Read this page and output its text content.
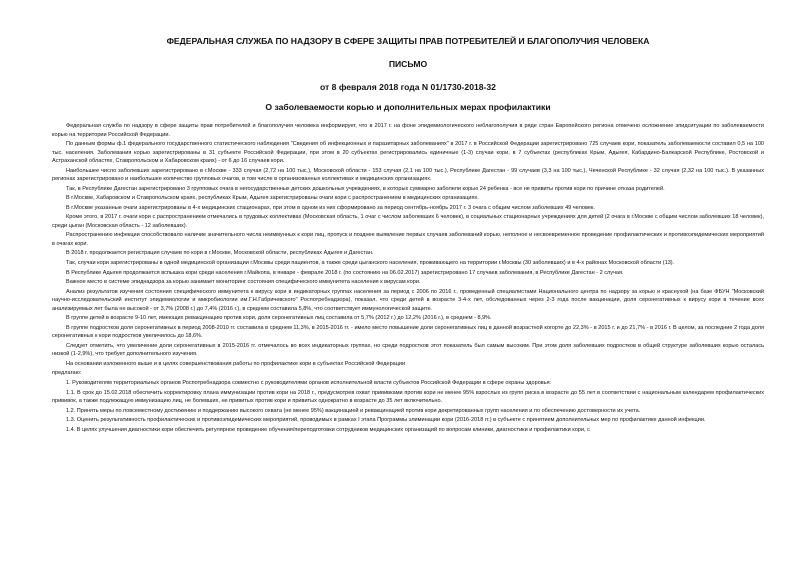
ФЕДЕРАЛЬНАЯ СЛУЖБА ПО НАДЗОРУ В СФЕРЕ ЗАЩИТЫ ПРАВ ПОТРЕБИТЕЛЕЙ И БЛАГОПОЛУЧИЯ ЧЕЛОВЕКА
ПИСЬМО
от 8 февраля 2018 года N 01/1730-2018-32
О заболеваемости корью и дополнительных мерах профилактики

Федеральная служба по надзору в сфере защиты прав потребителей и благополучия человека информирует, что в 2017 г. на фоне эпидемиологического неблагополучия в ряде стран Европейского региона отмечено осложнение эпидситуации по заболеваемости корью на территории Российской Федерации.

По данным формы ф.1 федерального государственного статистического наблюдения "Сведения об инфекционных и паразитарных заболеваниях" в 2017 г. в Российской Федерации зарегистрировано 725 случаев кори, показатель заболеваемости составил 0,5 на 100 тыс. населения. Заболевания корью зарегистрированы в 31 субъекте Российской Федерации, при этом в 20 субъектах регистрировались единичные (1-3) случаи кори, в 7 субъектах (республиках Крым, Адыгея, Кабардино-Балкарской Республике, Ростовской и Астраханской областях, Ставропольском и Хабаровском краях) - от 6 до 16 случаев кори.

Наибольшее число заболевших зарегистрировано в г.Москве - 333 случая (2,72 на 100 тыс.), Московской области - 153 случая (2,1 на 100 тыс.), Республике Дагестан - 99 случаев (3,3 на 100 тыс.), Чеченской Республике - 32 случая (2,32 на 100 тыс.). В указанных регионах зарегистрировано и наибольшее количество групповых очагов, в том числе в организованных коллективах и медицинских организациях.

Так, в Республике Дагестан зарегистрировано 3 групповых очага в негосударственных детских дошкольных учреждениях, в которых суммарно заболели корью 24 ребенка - все не привиты против кори по причине отказа родителей.

В г.Москве, Хабаровском и Ставропольском краях, республиках Крым, Адыгея зарегистрированы очаги кори с распространением в медицинских организациях.

В г.Москве указанные очаги зарегистрированы в 4-х медицинских стационарах, при этом в одном из них сформировано за период сентябрь-ноябрь 2017 г. 3 очага с общим числом заболевших 49 человек.

Кроме этого, в 2017 г. очаги кори с распространением отмечались в трудовых коллективах (Московская область, 1 очаг с числом заболевших 6 человек), в социальных стационарных учреждениях для детей (2 очага в г.Москве с общим числом заболевших 18 человек), среди цыган (Московская область - 12 заболевших).

Распространению инфекции способствовало наличие значительного числа неиммунных к кори лиц, пропуск и позднее выявление первых случаев заболеваний корью, неполное и несвоевременное проведение профилактических и противоэпидемических мероприятий в очагах кори.

В 2018 г. продолжается регистрация случаев по кори в г.Москве, Московской области, республиках Адыгея и Дагестан.

Так, случаи кори зарегистрированы в одной медицинской организации г.Москвы среди пациентов, а также среди цыганского населения, проживающего на территории г.Москвы (30 заболевших) и в 4-х районах Московской области (13).

В Республике Адыгея продолжается вспышка кори среди населения г.Майкопа, в январе - феврале 2018 г. (по состоянию на 06.02.2017) зарегистрировано 17 случаев заболевания, в Республике Дагестан - 2 случая.

Важное место в системе эпиднадзора за корью занимает мониторинг состояния специфического иммунитета населения к вирусам кори.

Анализ результатов изучения состояния специфического иммунитета к вирусу кори в индикаторных группах населения за период с 2006 по 2016 г., проведенный специалистами Национального центра по надзору за корью и краснухой (на базе ФБУН "Московский научно-исследовательский институт эпидемиологии и микробиологии им.Г.Н.Габричевского" Роспотребнадзора), показал, что среди детей в возрасте 3-4-х лет, обследованных через 2-3 года после вакцинации, доля серонегативных к вирусу кори в течение всех анализируемых лет была не высокой - от 3,7% (2008 г.) до 7,4% (2016 г.), в среднем составила 5,8%, что соответствует иммунологической защите.

В группе детей в возрасте 9-10 лет, имеющих ревакцинацию против кори, доля серонегативных лиц составила от 5,7% (2012 г.) до 12,2% (2016 г.), в среднем - 8,9%.

В группе подростков доля серонегативных в период 2008-2010 гг. составила в среднем 11,3%, в 2015-2016 гг. - имело место повышение доли серонегативных лиц в данной возрастной когорте до 22,3% - в 2015 г. и до 21,7% - в 2016 г. В целом, за последние 2 года доля серонегативных к кори подростков увеличилось до 18,6%.

Следует отметить, что увеличение доли серонегативных в 2015-2016 гг. отмечалось во всех индикаторных группах, но среди подростков этот показатель был самым высоким. При этом доля заболевших подростков в общей структуре заболевших корью осталась низкой (1-2,9%), что требует дополнительного изучения.

На основании изложенного выше и в целях совершенствования работы по профилактике кори в субъектах Российской Федерации

предлагаю:

1. Руководителям территориальных органов Роспотребнадзора совместно с руководителями органов исполнительной власти субъектов Российской Федерации в сфере охраны здоровья:

1.1. В срок до 15.02.2018 обеспечить корректировку плана иммунизации против кори на 2018 г., предусмотрев охват прививками против кори не менее 95% взрослых из групп риска в возрасте до 55 лет в соответствии с национальным календарем профилактических прививок, а также подлежащую иммунизацию лиц, не болевших, не привитых против кори и привитых однократно в возрасте до 35 лет включительно.

1.2. Принять меры по повсеместному достижению и поддержанию высокого охвата (не менее 95%) вакцинацией и ревакцинацией против кори декретированных групп населения и по обеспечению достоверности их учета.

1.3. Оценить результативность профилактических и противоэпидемических мероприятий, проводимых в рамках I этапа Программы элиминации кори (2016-2018 гг.) в субъекте с принятием дополнительных мер по профилактике данной инфекции.

1.4. В целях улучшения диагностики кори обеспечить регулярное проведение обучения/переподготовки сотрудников медицинских организаций по вопросам клиники, диагностики и профилактики кори, с
